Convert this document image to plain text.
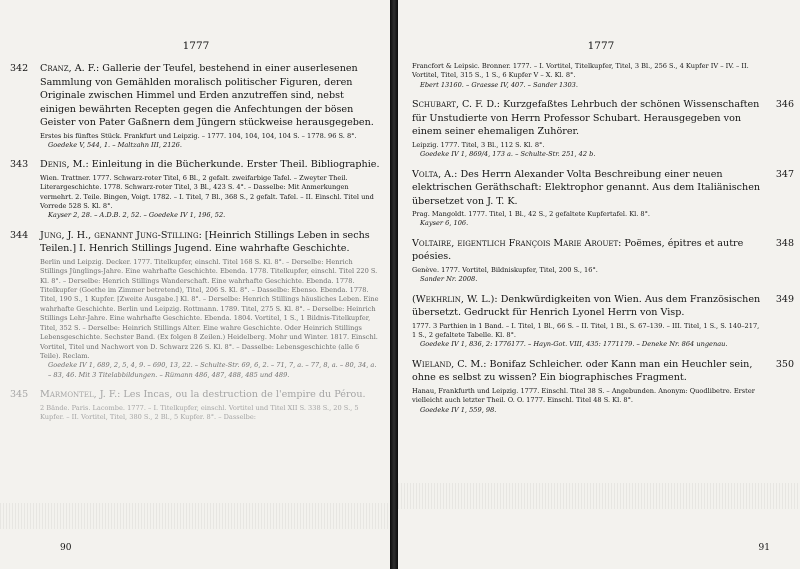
1777
342 Cranz, A. F.: Gallerie der Teufel, bestehend in einer auserlesenen Sammlung von Gemählden moralisch politischer Figuren, deren Originale zwischen Himmel und Erden anzutreffen sind, nebst einigen bewährten Recepten gegen die Anfechtungen der bösen Geister von Pater Gaßnern dem Jüngern stückweise herausgegeben.
Erstes bis fünftes Stück. Frankfurt und Leipzig. – 1777. 104, 104, 104, 104 S. – 1778. 96 S. 8°.
Goedeke V, 544, 1. – Maltzahn III, 2126.
343 Denis, M.: Einleitung in die Bücherkunde. Erster Theil. Bibliographie.
Wien. Trattner. 1777. Schwarz-roter Titel, 6 Bl., 2 gefalt. zweifarbige Tafel. – Zweyter Theil. Literargeschichte. 1778. Schwarz-roter Titel, 3 Bl., 423 S. 4°. – Dasselbe: Mit Anmerkungen vermehrt. 2. Teile. Bingen, Voigt. 1782. – I. Titel, 7 Bl., 368 S., 2 gefalt. Tafel. – II. Einschl. Titel und Vorrede 528 S. Kl. 8°.
Kayser 2, 28. – A.D.B. 2, 52. – Goedeke IV 1, 196, 52.
344 Jung, J. H., genannt Jung-Stilling: [Heinrich Stillings Leben in sechs Teilen.] I. Henrich Stillings Jugend. Eine wahrhafte Geschichte.
Berlin und Leipzig. Decker. 1777. Titelkupfer, einschl. Titel 168 S. Kl. 8°. – Derselbe: Henrich Stillings Jünglings-Jahre. Eine wahrhafte Geschichte. Ebenda. 1778. Titelkupfer, einschl. Titel 220 S. Kl. 8°. – Derselbe: Henrich Stillings Wanderschaft. Eine wahrhafte Geschichte. Ebenda. 1778. Titelkupfer (Goethe im Zimmer betretend), Titel, 206 S. Kl. 8°. – Dasselbe: Ebenso. Ebenda. 1778. Titel, 190 S., 1 Kupfer. [Zweite Ausgabe.] Kl. 8°. – Derselbe: Henrich Stillings häusliches Leben. Eine wahrhafte Geschichte. Berlin und Leipzig. Rottmann. 1789. Titel, 275 S. Kl. 8°. – Derselbe: Heinrich Stillings Lehr-Jahre. Eine wahrhafte Geschichte. Ebenda. 1804. Vortitel, 1 S., 1 Bildnis-Titelkupfer, Titel, 352 S. – Derselbe: Heinrich Stillings Alter. Eine wahre Geschichte. Oder Heinrich Stillings Lebensgeschichte. Sechster Band. (Ex folgen 8 Zeilen.) Heidelberg. Mohr und Winter. 1817. Einschl. Vortitel, Titel und Nachwort von D. Schwarz 226 S. Kl. 8°. – Dasselbe: Lebensgeschichte (alle 6 Teile). Reclam.
Goedeke IV 1, 689, 2, 5, 4, 9. – 690, 13, 22. – Schulte-Str. 69, 6, 2. – 71, 7, a. – 77, 8, a. – 80, 34, a. – 83, 46. Mit 3 Titelabbildungen. – Rümann 486, 487, 488, 485 und 489.
345 Marmontel, J. F.: Les Incas, ou la destruction de l'empire du Pérou.
2 Bände. Paris. Lacombe. 1777. – I. Titelkupfer, einschl. Vortitel und Titel XII S. 338 S., 20 S., 5 Kupfer. – II. Vortitel, Titel, 380 S., 2 Bl., 5 Kupfer. 8°. – Dasselbe:
90
1777
Francfort & Leipsic. Bronner. 1777. – I. Vortitel, Titelkupfer, Titel, 3 Bl., 256 S., 4 Kupfer IV – IV. – II. Vortitel, Titel, 315 S., 1 S., 6 Kupfer V – X. Kl. 8°.
Ebert 13160. – Graesse IV, 407. – Sander 1303.
346
Schubart, C. F. D.: Kurzgefaßtes Lehrbuch der schönen Wissenschaften für Unstudierte von Herrn Professor Schubart. Herausgegeben von einem seiner ehemaligen Zuhörer.
Leipzig. 1777. Titel, 3 Bl., 112 S. Kl. 8°.
Goedeke IV 1, 869/4, 173 a. – Schulte-Str. 251, 42 b.
347
Volta, A.: Des Herrn Alexander Volta Beschreibung einer neuen elektrischen Geräthschaft: Elektrophor genannt. Aus dem Italiänischen übersetzet von J. T. K.
Prag. Mangoldt. 1777. Titel, 1 Bl., 42 S., 2 gefaltete Kupfertafel. Kl. 8°.
Kayser 6, 106.
348
Voltaire, eigentlich François Marie Arouet: Poëmes, épitres et autre poésies.
Genève. 1777. Vortitel, Bildniskupfer, Titel, 200 S., 16°.
Sander Nr. 2008.
349
(Wekhrlin, W. L.): Denkwürdigkeiten von Wien. Aus dem Französischen übersetzt. Gedruckt für Henrich Lyonel Herrn von Visp.
1777. 3 Parthien in 1 Band. – I. Titel, 1 Bl., 66 S. – II. Titel, 1 Bl., S. 67–139. – III. Titel, 1 S., S. 140–217, 1 S., 2 gefaltete Tabelle. Kl. 8°.
Goedeke IV 1, 836, 2: 1776177. – Hayn-Got. VIII, 435: 1771179. – Deneke Nr. 864 ungenau.
350
Wieland, C. M.: Bonifaz Schleicher. oder Kann man ein Heuchler sein, ohne es selbst zu wissen? Ein biographisches Fragment.
Hanau, Frankfurth und Leipzig. 1777. Einschl. Titel 38 S. – Angebunden. Anonym: Quodlibetre. Erster vielleicht auch letzter Theil. O. O. 1777. Einschl. Titel 48 S. Kl. 8°.
Goedeke IV 1, 559, 98.
91
